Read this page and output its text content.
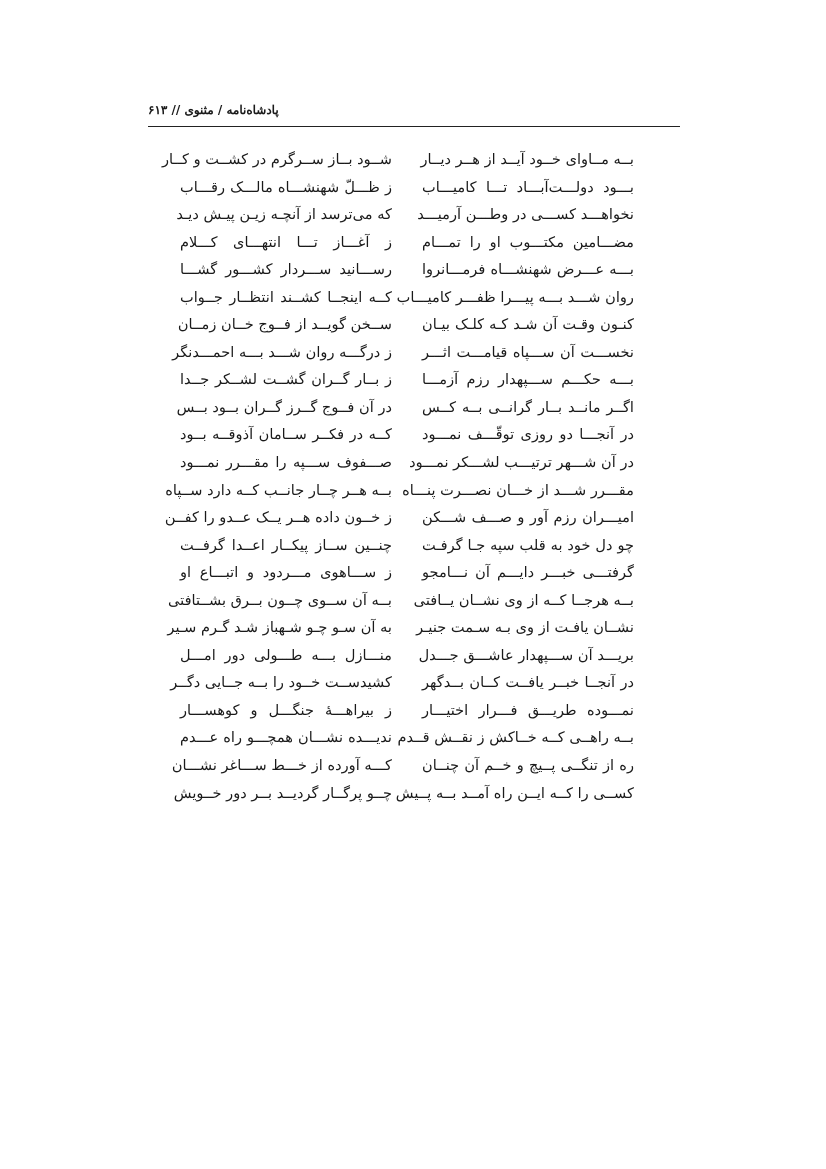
پادشاه‌نامه / مثنوی // ۶۱۳
بــه مــاوای خــود آیــد از هــر دیــار
شــود بــاز ســرگرم در کشــت و کــار
بـــود دولـــت‌آبـــاد تـــا کامیـــاب
ز ظـــلّ شهنشـــاه مالـــک رقـــاب
نخواهـــد کســـی در وطـــن آرمیـــد
که می‌ترسد از آنچـه زیـن پیـش دیـد
مضـــامین مکتـــوب او را تمـــام
ز آغـــاز تـــا انتهـــای کـــلام
بـــه عـــرض شهنشـــاه فرمـــانروا
رســـانید ســـردار کشـــور گشـــا
روان شـــد بـــه پیـــرا ظفـــر کامیـــاب
کــه اینجــا کشــند انتظــار جــواب
کنـون وقـت آن شـد کـه کلـک بیـان
ســخن گویــد از فــوج خــان زمــان
نخســـت آن ســـپاه قیامـــت اثـــر
ز درگـــه روان شـــد بـــه احمـــدنگر
بـــه حکـــم ســـپهدار رزم آزمـــا
ز بــار گــران گشــت لشــکر جــدا
اگــر مانــد بــار گرانــی بــه کــس
در آن فــوج گــرز گــران بــود بــس
در آنجـــا دو روزی توقّـــف نمـــود
کــه در فکــر ســامان آذوقــه بــود
در آن شـــهر ترتیـــب لشـــکر نمـــود
صـــفوف ســـپه را مقـــرر نمـــود
مقـــرر شـــد از خـــان نصـــرت پنـــاه
بــه هــر چــار جانــب کــه دارد ســپاه
امیـــران رزم آور و صـــف شـــکن
ز خــون داده هــر یــک عــدو را کفــن
چو دل خود به قلب سپه جـا گرفـت
چنــین ســاز پیکــار اعــدا گرفــت
گرفتـــی خبـــر دایـــم آن نـــامجو
ز ســـاهوی مـــردود و اتبـــاع او
بــه هرجــا کــه از وی نشــان یــافتی
بــه آن ســوی چــون بــرق بشــتافتی
نشــان یافـت از وی بـه سـمت جنیـر
به آن سـو چـو شـهباز شـد گـرم سـیر
بریـــد آن ســـپهدار عاشـــق جـــدل
منـــازل بـــه طـــولی دور امـــل
در آنجــا خبــر یافــت کــان بــدگهر
کشیدســت خــود را بــه جــایی دگــر
نمـــوده طریـــق فـــرار اختیـــار
ز بیراهـــهٔ جنگـــل و کوهســـار
بــه راهــی کــه خــاکش ز نقــش قــدم
ندیـــده نشـــان همچـــو راه عـــدم
ره از تنگــی پــیچ و خــم آن چنــان
کـــه آورده از خـــط ســـاغر نشـــان
کســی را کــه ایــن راه آمــد بــه پــیش
چــو پرگــار گردیــد بــر دور خــویش
